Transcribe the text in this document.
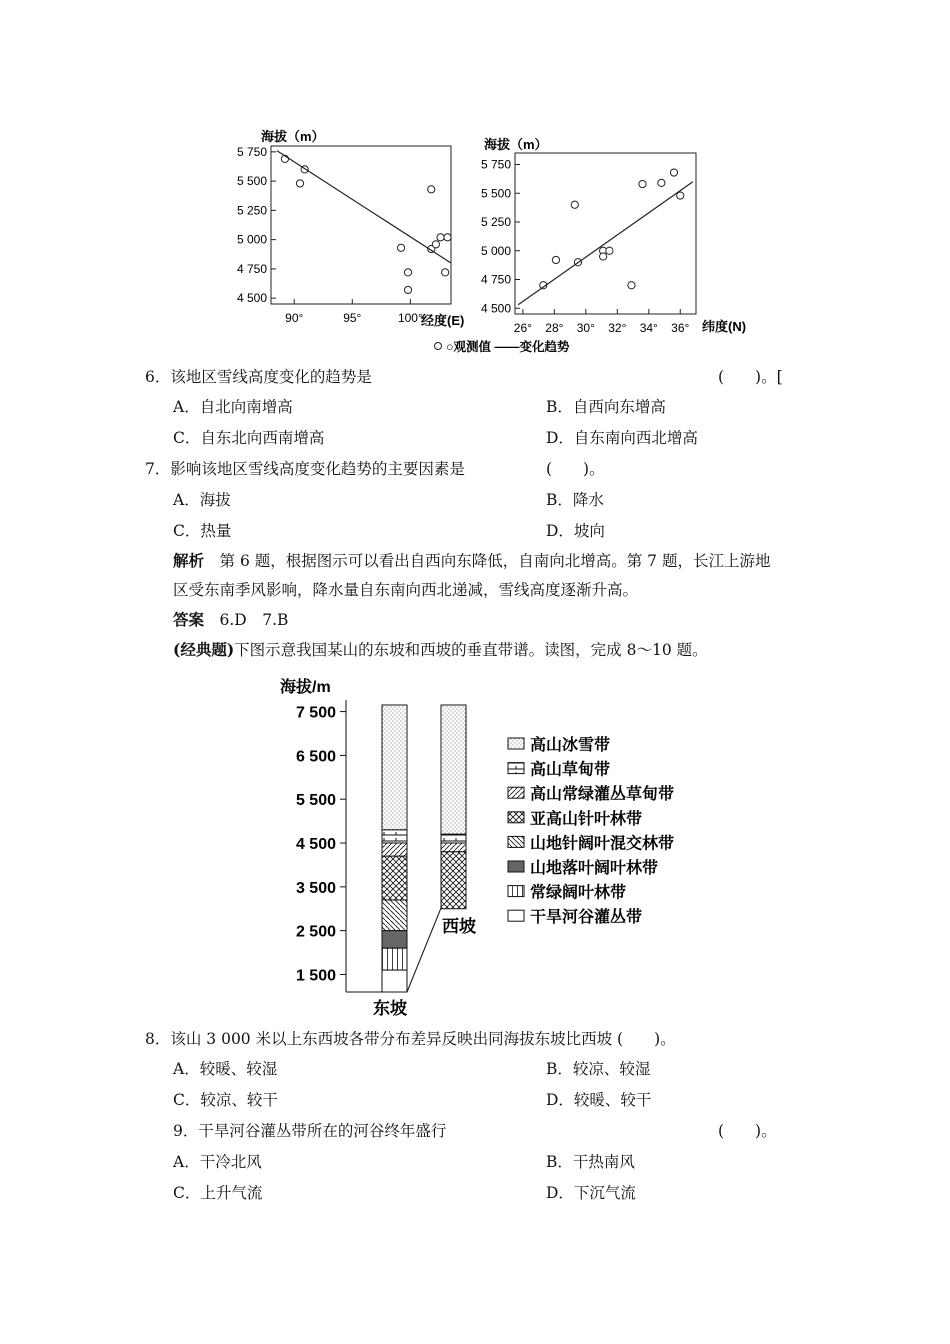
海拔（m）
5 750
5 500
5 250
5 000
4 750
4 500
90°	95°	100°
经度(E)
海拔（m）
5 750
5 500
5 250
5 000
4 750
4 500
26° 28° 30° 32° 34° 36° 纬度(N)
○观测值 ——变化趋势
6．该地区雪线高度变化的趋势是	(　　)。[
A．自北向南增高	B．自西向东增高
C．自东北向西南增高	D．自东南向西北增高
7．影响该地区雪线高度变化趋势的主要因素是	(　　)。
A．海拔	B．降水
C．热量	D．坡向
解析　第 6 题，根据图示可以看出自西向东降低，自南向北增高。第 7 题，长江上游地
区受东南季风影响，降水量自东南向西北递减，雪线高度逐渐升高。
答案　6.D　7.B
(经典题)下图示意我国某山的东坡和西坡的垂直带谱。读图，完成 8～10 题。
海拔/m
7 500
6 500
5 500
4 500
3 500
2 500
1 500
东坡
西坡
高山冰雪带
高山草甸带
高山常绿灌丛草甸带
亚高山针叶林带
山地针阔叶混交林带
山地落叶阔叶林带
常绿阔叶林带
干旱河谷灌丛带
8．该山 3 000 米以上东西坡各带分布差异反映出同海拔东坡比西坡 (　　)。
A．较暖、较湿	B．较凉、较湿
C．较凉、较干	D．较暖、较干
9．干旱河谷灌丛带所在的河谷终年盛行	(　　)。
A．干冷北风	B．干热南风
C．上升气流	D．下沉气流
